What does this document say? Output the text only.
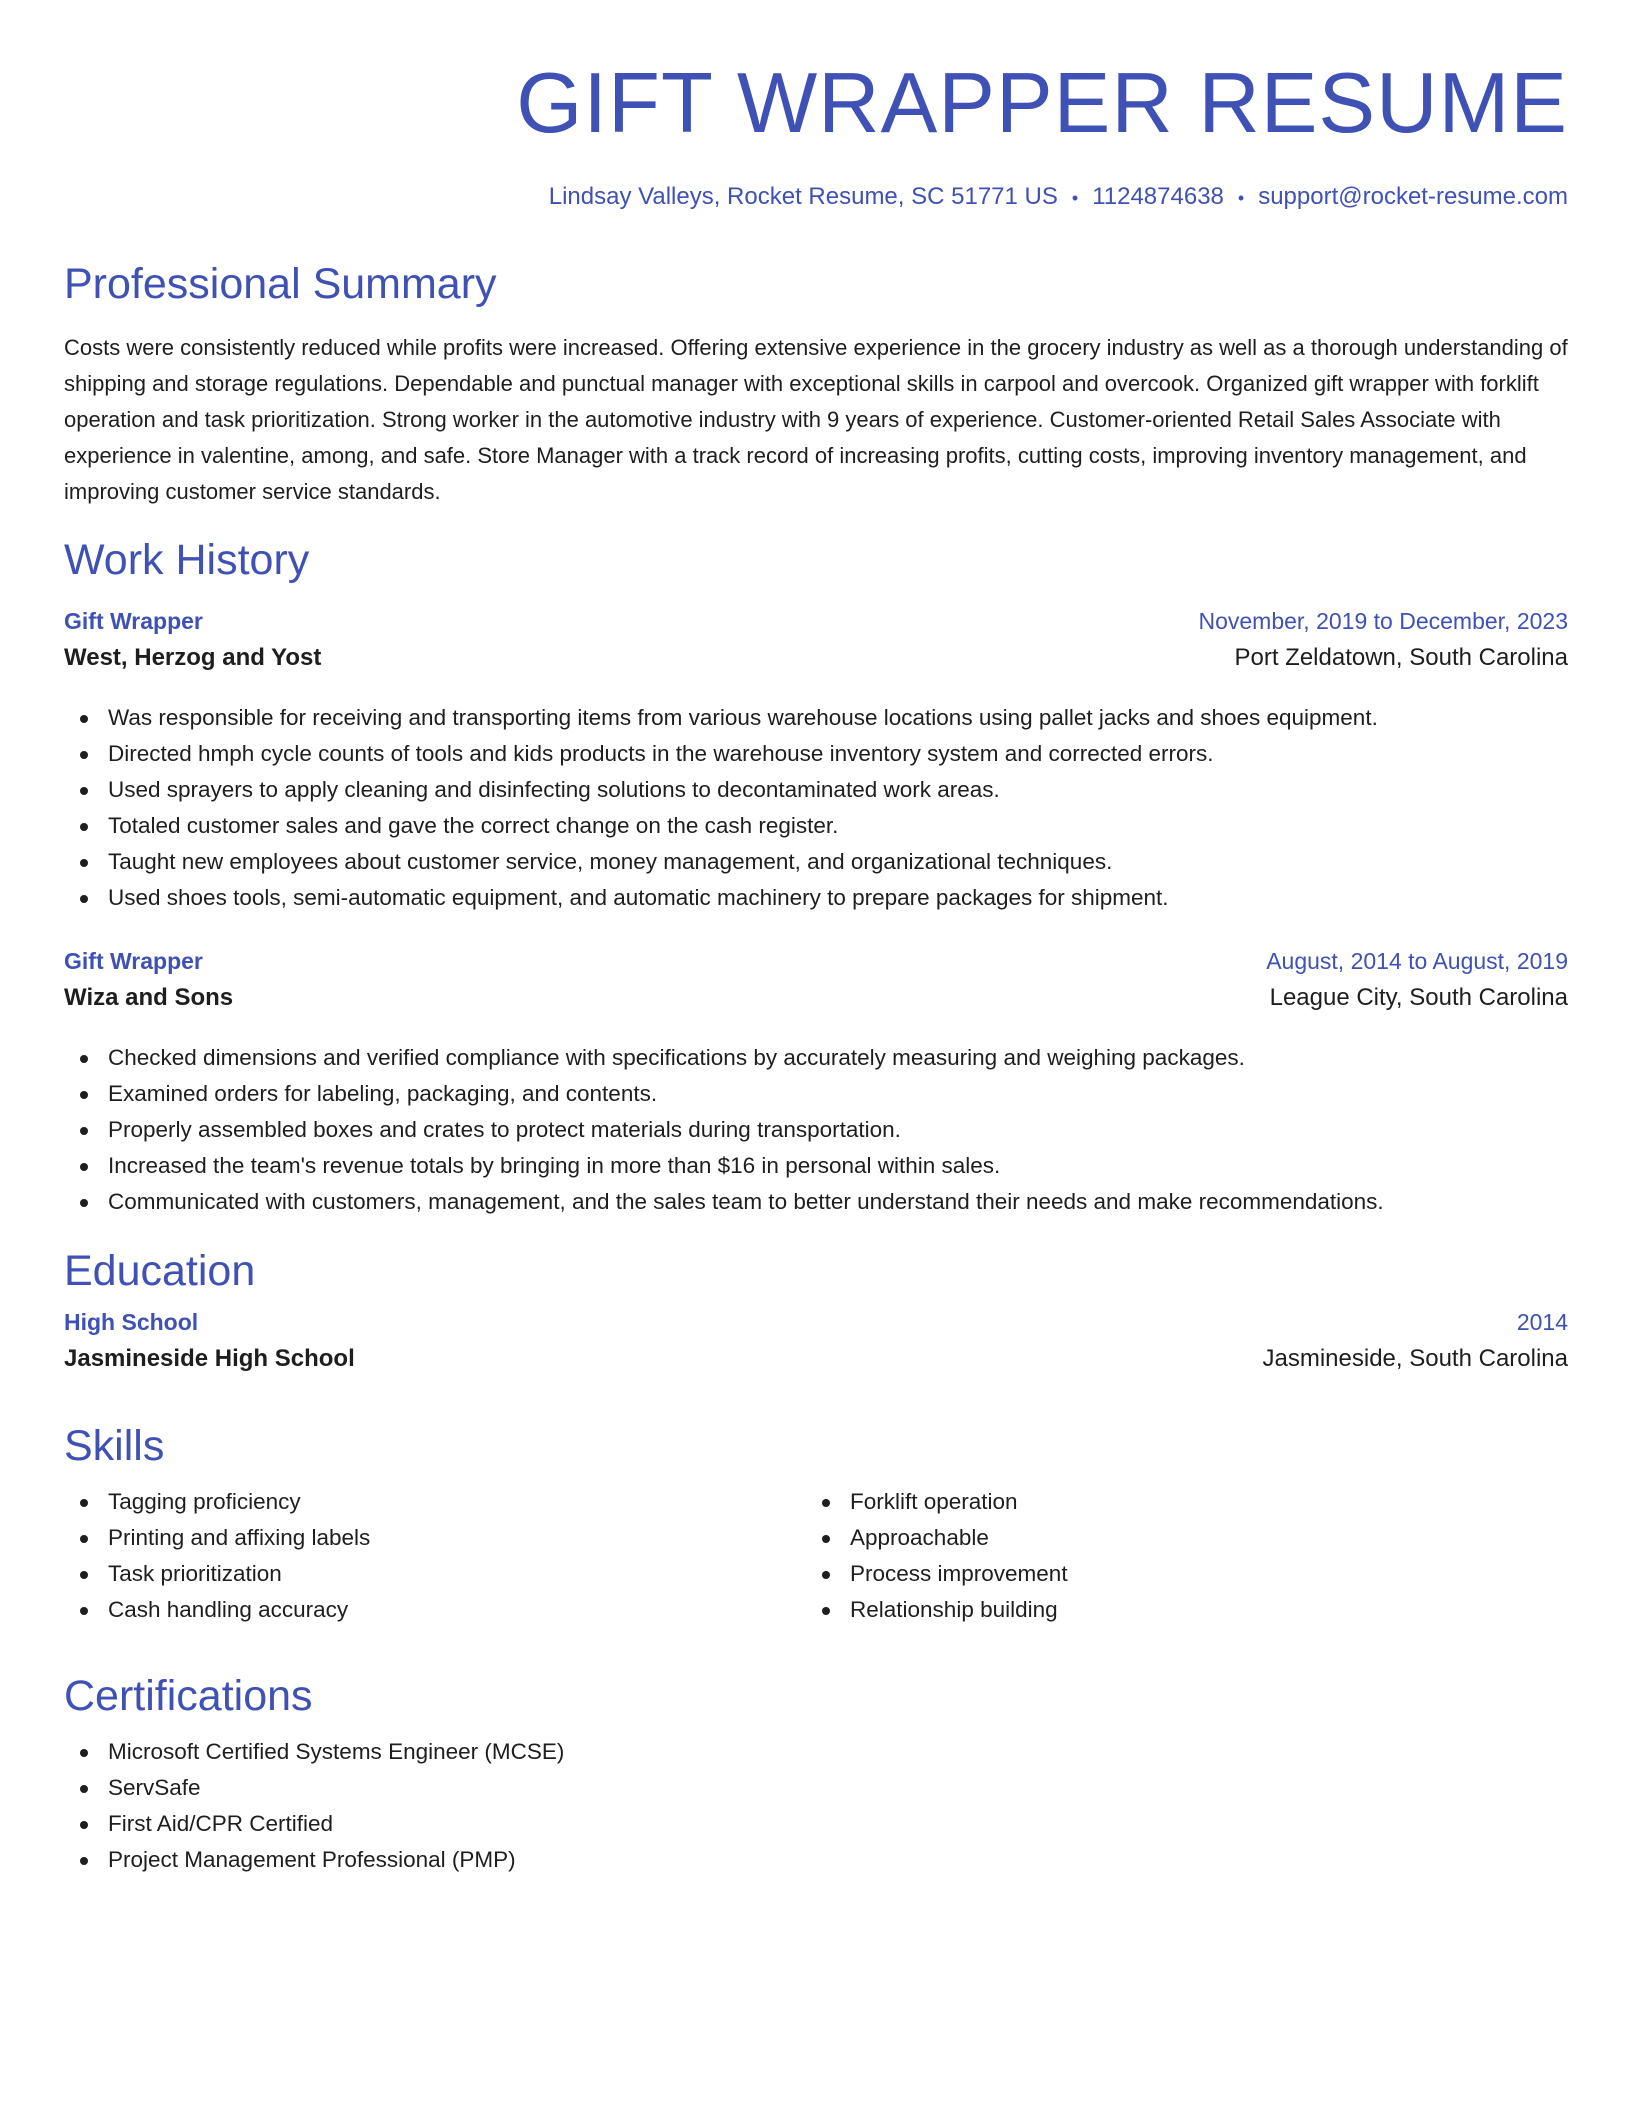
GIFT WRAPPER RESUME
Lindsay Valleys, Rocket Resume, SC 51771 US • 1124874638 • support@rocket-resume.com
Professional Summary

Costs were consistently reduced while profits were increased. Offering extensive experience in the grocery industry as well as a thorough understanding of shipping and storage regulations. Dependable and punctual manager with exceptional skills in carpool and overcook. Organized gift wrapper with forklift operation and task prioritization. Strong worker in the automotive industry with 9 years of experience. Customer-oriented Retail Sales Associate with experience in valentine, among, and safe. Store Manager with a track record of increasing profits, cutting costs, improving inventory management, and improving customer service standards.

Work History
Gift Wrapper	November, 2019 to December, 2023
West, Herzog and Yost	Port Zeldatown, South Carolina
Was responsible for receiving and transporting items from various warehouse locations using pallet jacks and shoes equipment.
Directed hmph cycle counts of tools and kids products in the warehouse inventory system and corrected errors.
Used sprayers to apply cleaning and disinfecting solutions to decontaminated work areas.
Totaled customer sales and gave the correct change on the cash register.
Taught new employees about customer service, money management, and organizational techniques.
Used shoes tools, semi-automatic equipment, and automatic machinery to prepare packages for shipment.
Gift Wrapper	August, 2014 to August, 2019
Wiza and Sons	League City, South Carolina
Checked dimensions and verified compliance with specifications by accurately measuring and weighing packages.
Examined orders for labeling, packaging, and contents.
Properly assembled boxes and crates to protect materials during transportation.
Increased the team's revenue totals by bringing in more than $16 in personal within sales.
Communicated with customers, management, and the sales team to better understand their needs and make recommendations.
Education
High School	2014
Jasmineside High School	Jasmineside, South Carolina
Skills
Tagging proficiency
Printing and affixing labels
Task prioritization
Cash handling accuracy
Forklift operation
Approachable
Process improvement
Relationship building
Certifications
Microsoft Certified Systems Engineer (MCSE)
ServSafe
First Aid/CPR Certified
Project Management Professional (PMP)
